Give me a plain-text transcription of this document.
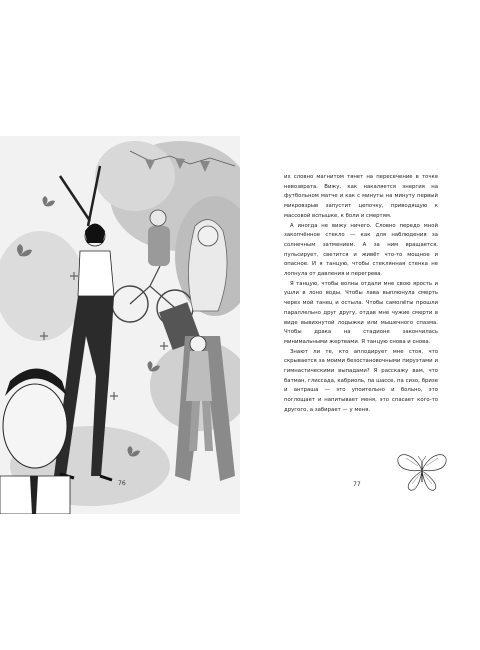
76

их словно магнитом тянет на пересечение в точке невозврата. Вижу, как накаляется энергия на футбольном матче и как с минуты на минуту первый микровзрыв запустит цепочку, приводящую к массовой вспышке, к боли и смертям.

А иногда не вижу ничего. Словно передо мной закопчённое стекло — как для наблюдения за солнечным затмением. А за ним вращается, пульсирует, светится и живёт что-то мощное и опасное. И я танцую, чтобы стеклянная стенка не лопнула от давления и перегрева.

Я танцую, чтобы волны отдали мне свою ярость и ушли в лоно воды. Чтобы лава выплюнула смерть через мой танец и остыла. Чтобы самолёты прошли параллельно друг другу, отдав мне чужие смерти в виде вывихнутой лодыжки или мышечного спазма. Чтобы драка на стадионе закончилась минимальными жертвами. Я танцую снова и снова.

Знают ли те, кто аплодирует мне стоя, что скрывается за моими безостановочными пируэтами и гимнастическими выпадами? Я расскажу вам, что батман, глиссада, кабриоль, па шассе, па сизо, бризе и антраша — это упоительно и больно, это поглощает и напитывает меня, это спасает кого-то другого, а забирает — у меня.

77
